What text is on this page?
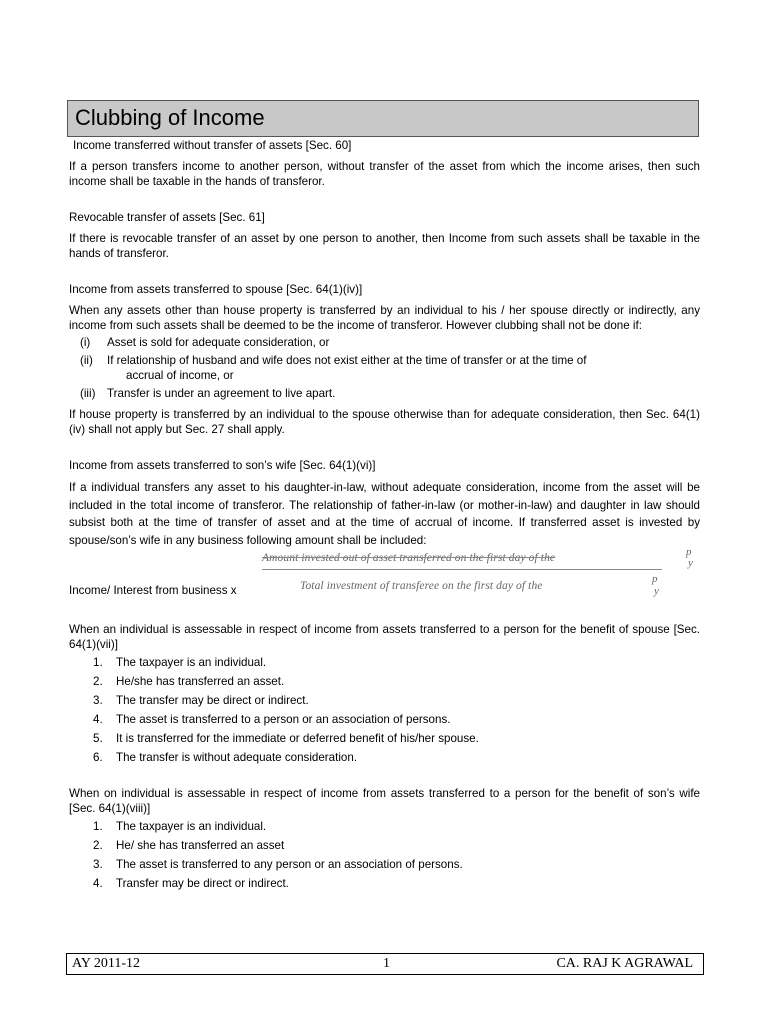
Clubbing of Income

Income transferred without transfer of assets [Sec. 60]

If a person transfers income to another person, without transfer of the asset from which the income arises, then such income shall be taxable in the hands of transferor.

Revocable transfer of assets [Sec. 61]

If there is revocable transfer of an asset by one person to another, then Income from such assets shall be taxable in the hands of transferor.

Income from assets transferred to spouse [Sec. 64(1)(iv)]

When any assets other than house property is transferred by an individual to his / her spouse directly or indirectly, any income from such assets shall be deemed to be the income of transferor. However clubbing shall not be done if:

(i)	Asset is sold for adequate consideration, or
(ii)	If relationship of husband and wife does not exist either at the time of transfer or at the time of
accrual of income, or
(iii) Transfer is under an agreement to live apart.

If house property is transferred by an individual to the spouse otherwise than for adequate consideration, then Sec. 64(1)(iv) shall not apply but Sec. 27 shall apply.

Income from assets transferred to son’s wife [Sec. 64(1)(vi)]

If a individual transfers any asset to his daughter-in-law, without adequate consideration, income from the asset will be included in the total income of transferor. The relationship of father-in-law (or mother-in-law) and daughter in law should subsist both at the time of transfer of asset and at the time of accrual of income. If transferred asset is invested by spouse/son’s wife in any business following amount shall be included:

Income/ Interest from business x
Amount invested out of asset transferred on the first day of the	p
y
Total investment of transferee on the first day of the
p
y

When an individual is assessable in respect of income from assets transferred to a person for the benefit of spouse [Sec. 64(1)(vii)]

1.	The taxpayer is an individual.
2.	He/she has transferred an asset.
3.	The transfer may be direct or indirect.
4.	The asset is transferred to a person or an association of persons.
5.	It is transferred for the immediate or deferred benefit of his/her spouse.
6.	The transfer is without adequate consideration.

When on individual is assessable in respect of income from assets transferred to a person for the benefit of son’s wife [Sec. 64(1)(viii)]

1.	The taxpayer is an individual.
2.	He/ she has transferred an asset
3.	The asset is transferred to any person or an association of persons.
4.	Transfer may be direct or indirect.
AY 2011-12	1	CA. RAJ K AGRAWAL
